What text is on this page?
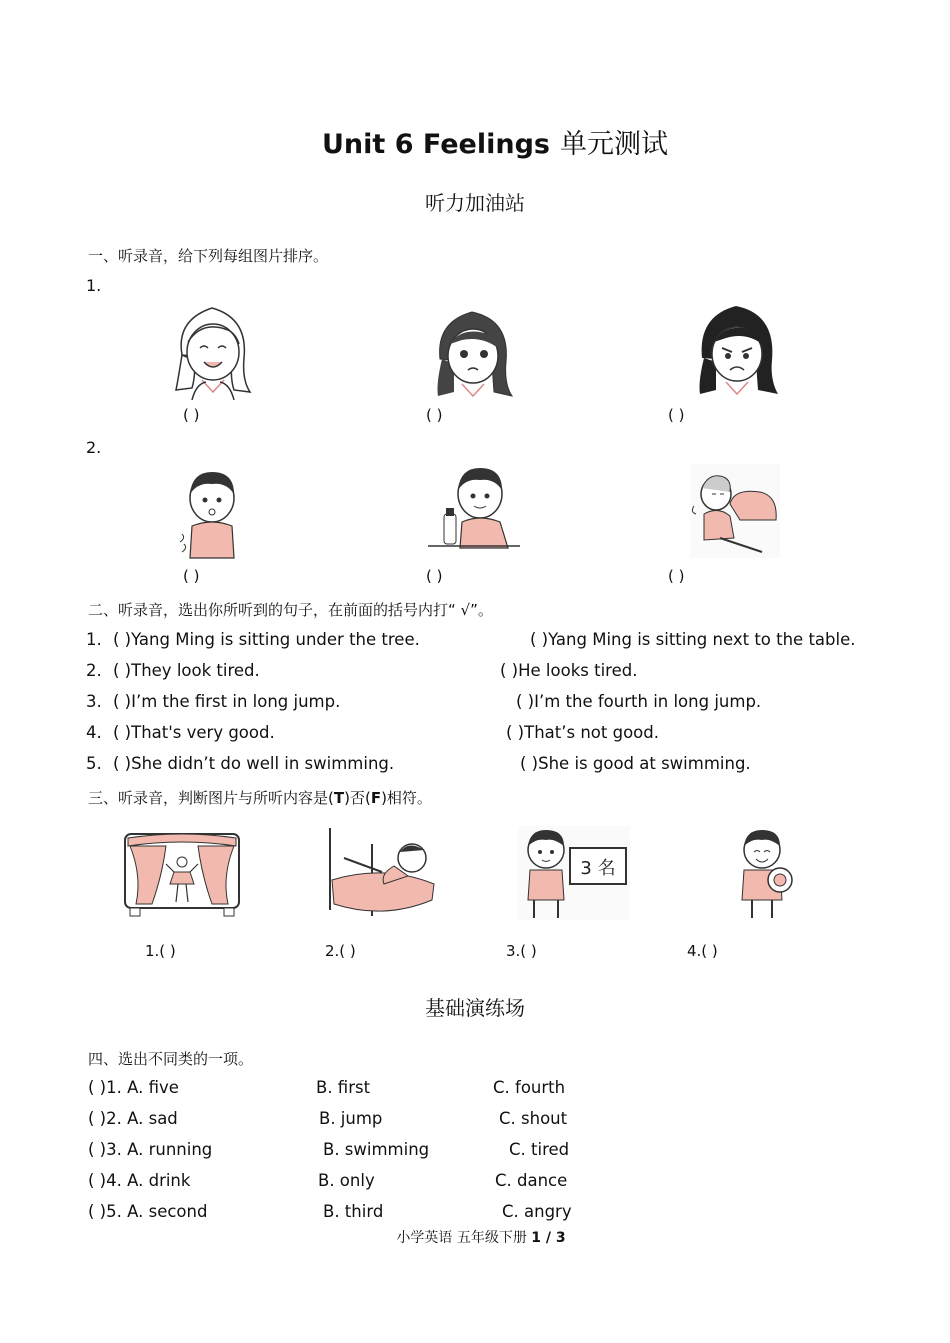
Unit 6 Feelings 单元测试
听力加油站
一、听录音，给下列每组图片排序。
1.
( )	( )	( )
2.
( )	( )	( )
二、听录音，选出你所听到的句子，在前面的括号内打“ √”。
1. ( )Yang Ming is sitting under the tree.	( )Yang Ming is sitting next to the table.
2. ( )They look tired.	( )He looks tired.
3. ( )I’m the first in long jump.	( )I’m the fourth in long jump.
4. ( )That's very good.	( )That’s not good.
5. ( )She didn’t do well in swimming.	( )She is good at swimming.
三、听录音，判断图片与所听内容是(T)否(F)相符。
3 名
1.( )	2.( )	3.( )	4.( )
基础演练场
四、选出不同类的一项。
( )1. A. five	B. first	C. fourth
( )2. A. sad	B. jump	C. shout
( )3. A. running	B. swimming	C. tired
( )4. A. drink	B. only	C. dance
( )5. A. second	B. third	C. angry
小学英语 五年级下册 1 / 3
